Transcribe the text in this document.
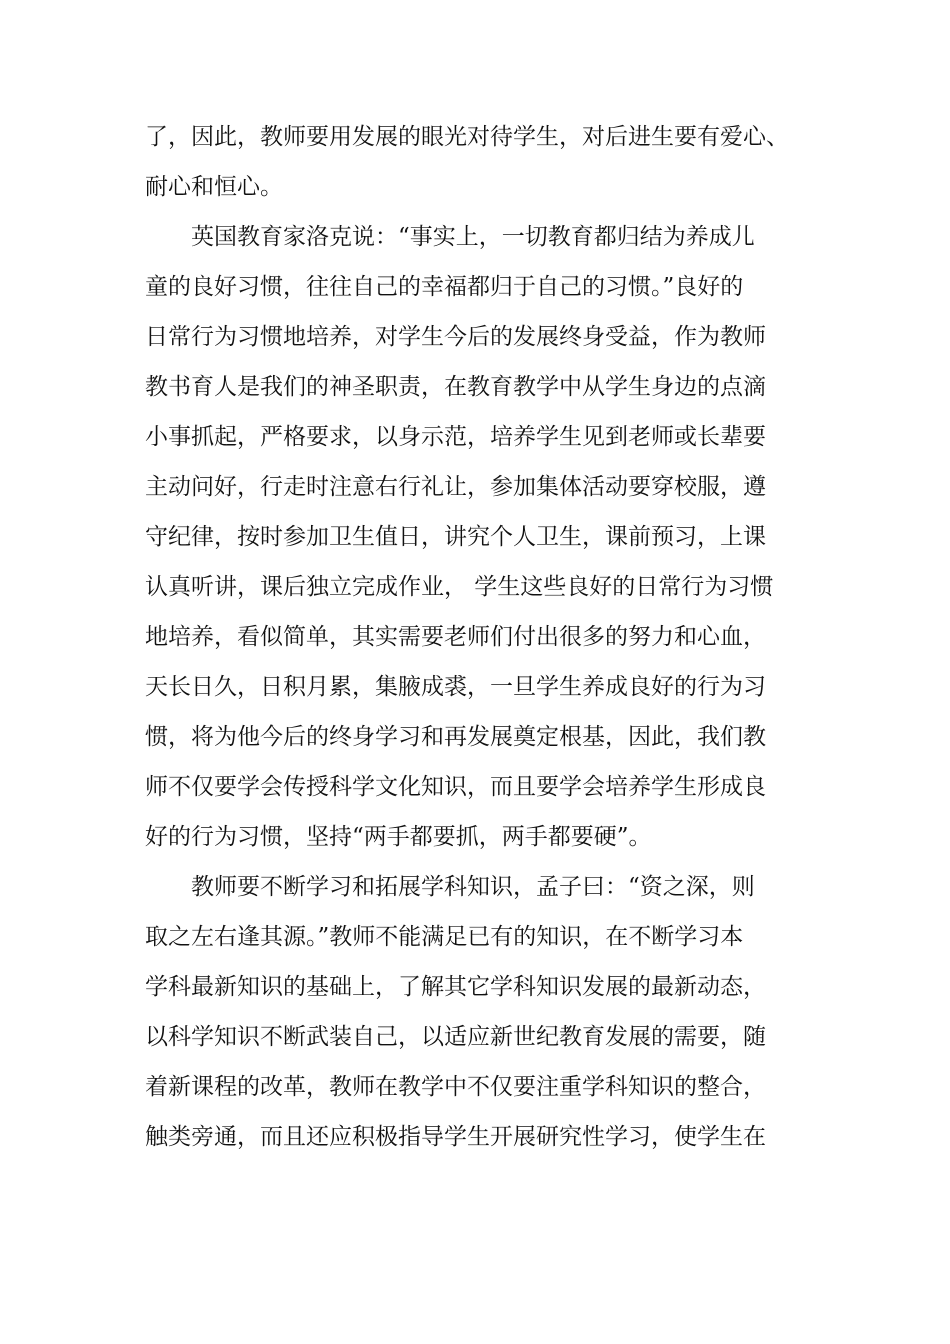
了，因此，教师要用发展的眼光对待学生，对后进生要有爱心、
耐心和恒心。
英国教育家洛克说：“事实上，一切教育都归结为养成儿
童的良好习惯，往往自己的幸福都归于自己的习惯。”良好的
日常行为习惯地培养，对学生今后的发展终身受益，作为教师
教书育人是我们的神圣职责，在教育教学中从学生身边的点滴
小事抓起，严格要求，以身示范，培养学生见到老师或长辈要
主动问好，行走时注意右行礼让，参加集体活动要穿校服，遵
守纪律，按时参加卫生值日，讲究个人卫生，课前预习，上课
认真听讲，课后独立完成作业， 学生这些良好的日常行为习惯
地培养，看似简单，其实需要老师们付出很多的努力和心血，
天长日久，日积月累，集腋成裘，一旦学生养成良好的行为习
惯，将为他今后的终身学习和再发展奠定根基，因此，我们教
师不仅要学会传授科学文化知识，而且要学会培养学生形成良
好的行为习惯，坚持“两手都要抓，两手都要硬”。
教师要不断学习和拓展学科知识，孟子曰：“资之深，则
取之左右逢其源。”教师不能满足已有的知识，在不断学习本
学科最新知识的基础上，了解其它学科知识发展的最新动态，
以科学知识不断武装自己，以适应新世纪教育发展的需要，随
着新课程的改革，教师在教学中不仅要注重学科知识的整合，
触类旁通，而且还应积极指导学生开展研究性学习，使学生在
